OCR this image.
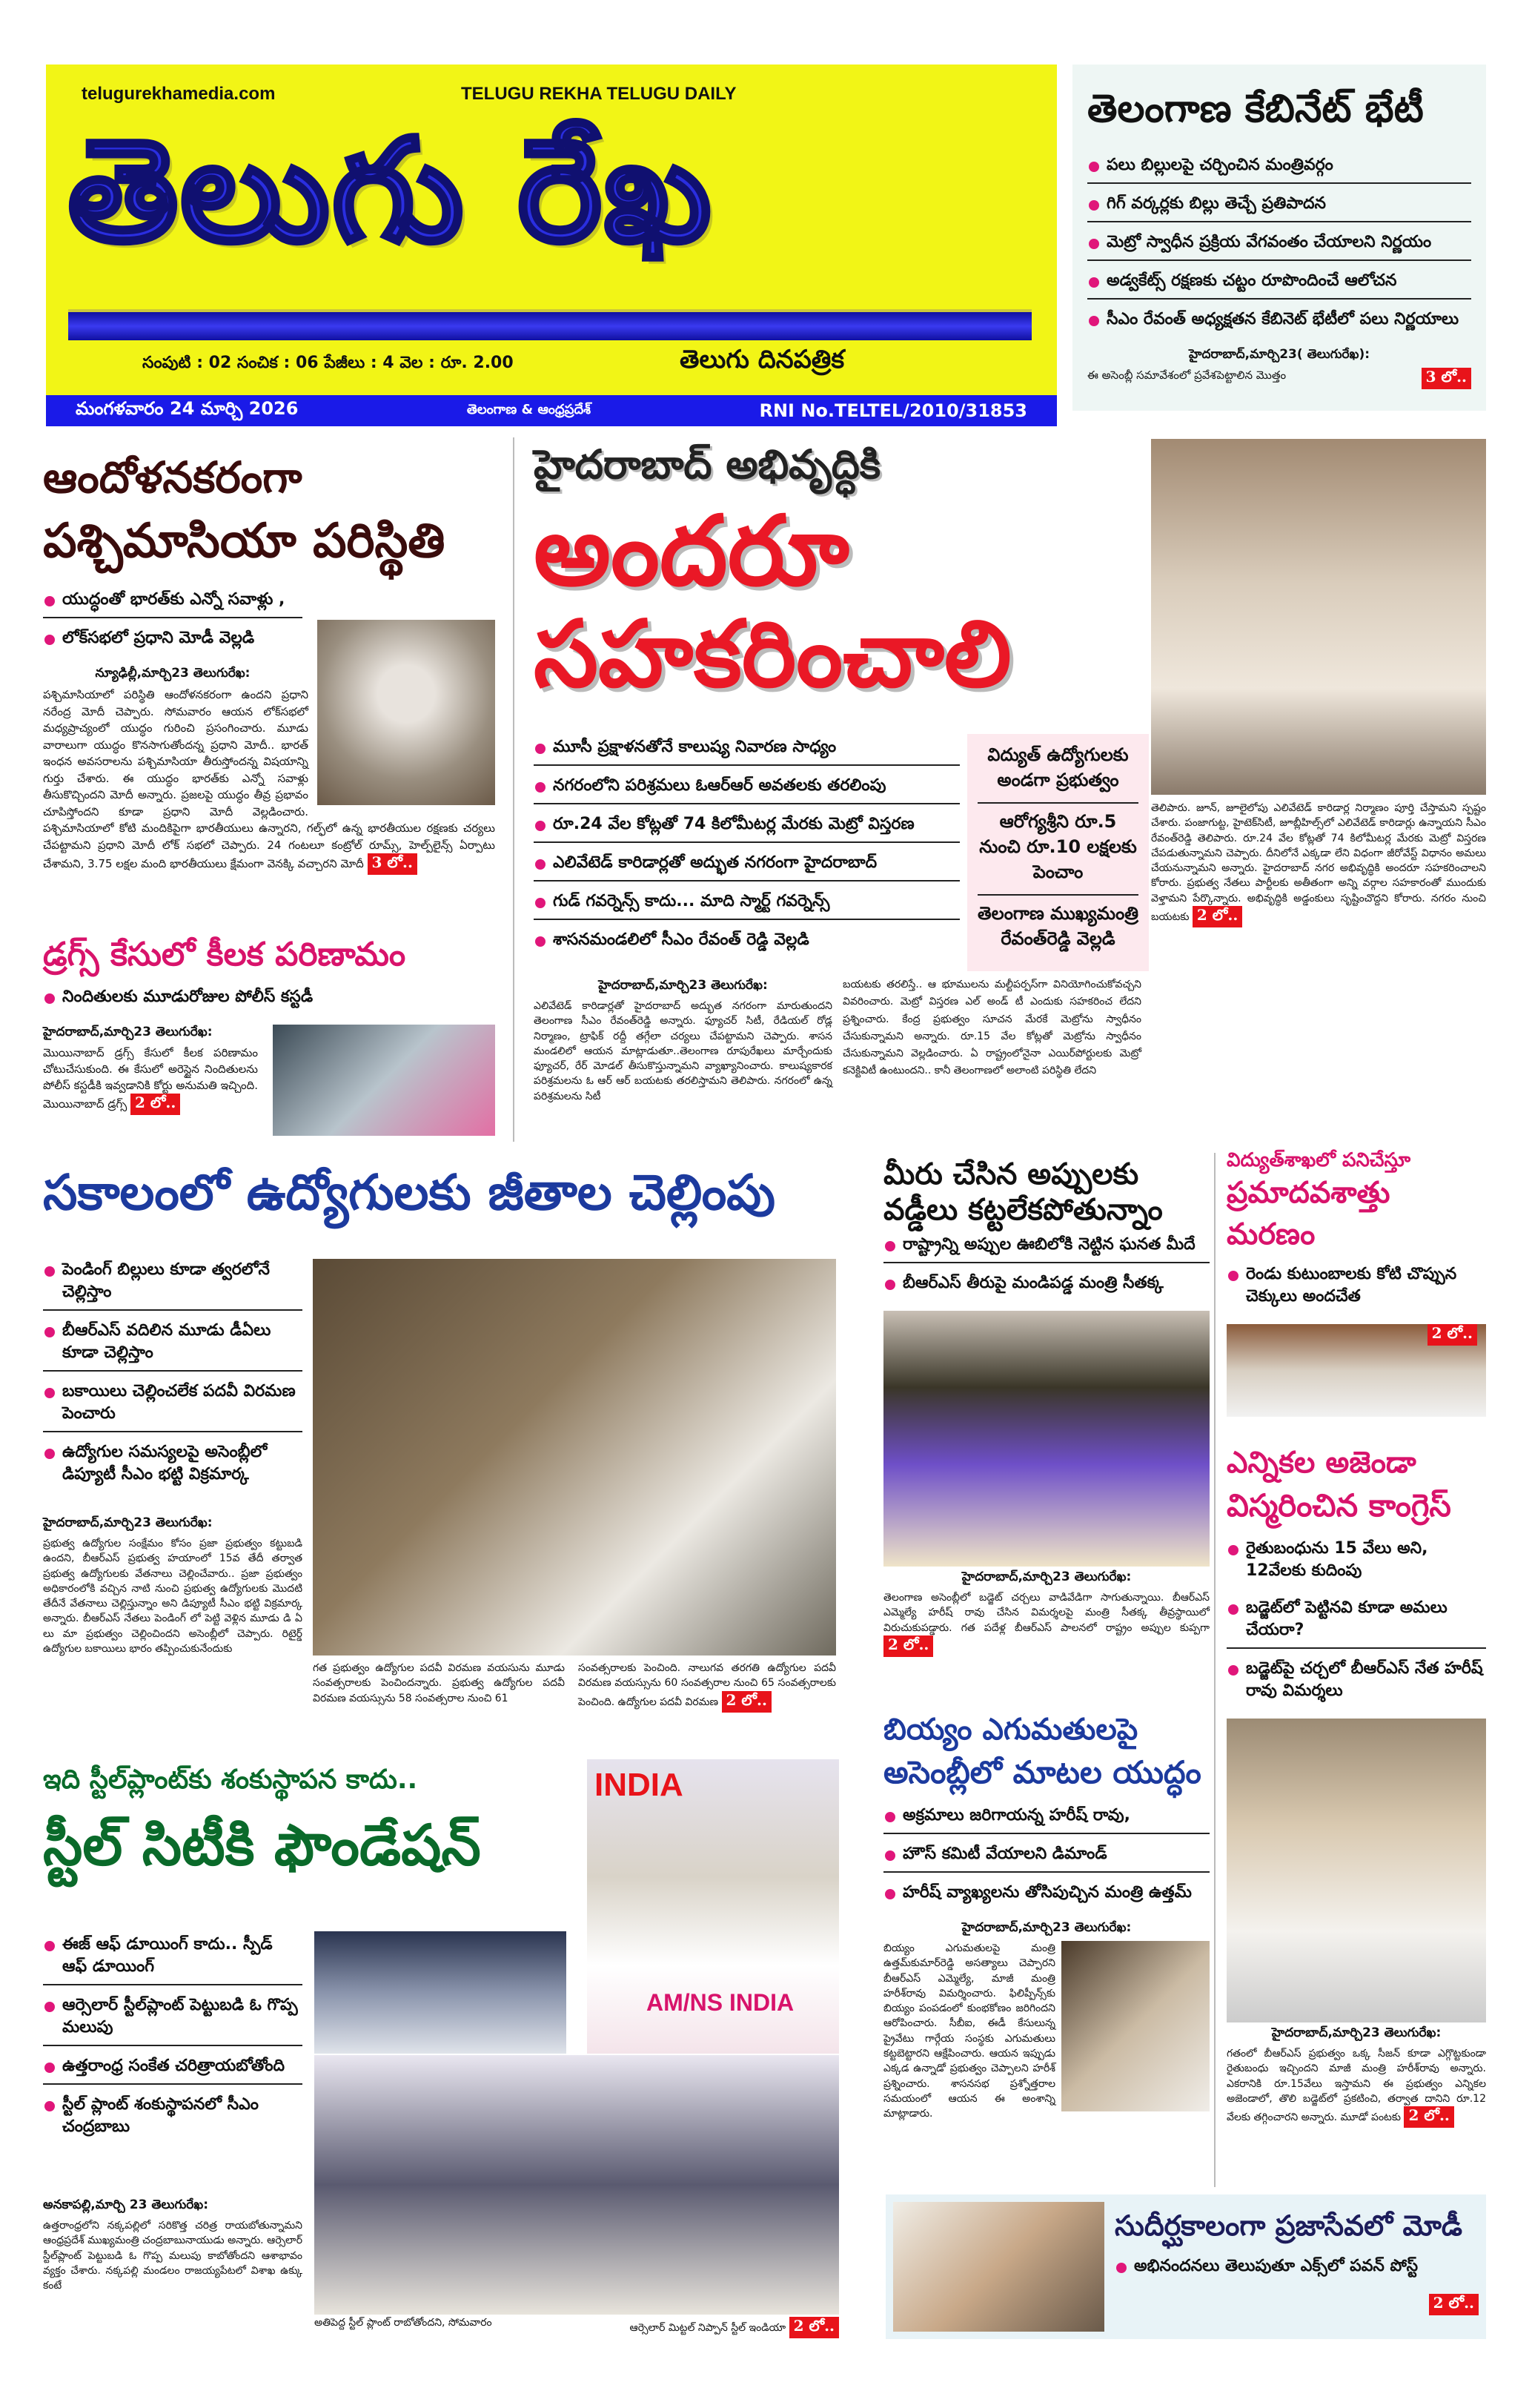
telugurekhamedia.com	TELUGU REKHA TELUGU DAILY
తెలుగు రేఖ
సంపుటి : 02 సంచిక : 06 పేజీలు : 4 వెల : రూ. 2.00	తెలుగు దినపత్రిక
మంగళవారం 24 మార్చి 2026	తెలంగాణ & ఆంధ్రప్రదేశ్	RNI No.TELTEL/2010/31853
తెలంగాణ కేబినేట్ భేటీ
పలు బిల్లులపై చర్చించిన మంత్రివర్గం
గిగ్ వర్కర్లకు బిల్లు తెచ్చే ప్రతిపాదన
మెట్రో స్వాధీన ప్రక్రియ వేగవంతం చేయాలని నిర్ణయం
అడ్వకేట్స్ రక్షణకు చట్టం రూపొందించే ఆలోచన
సీఎం రేవంత్ అధ్యక్షతన కేబినెట్ భేటీలో పలు నిర్ణయాలు
హైదరాబాద్,మార్చి23( తెలుగురేఖ):
ఈ అసెంబ్లీ సమావేశంలో ప్రవేశపెట్టాలిన మొత్తం	3 లో..
ఆందోళనకరంగా
పశ్చిమాసియా పరిస్థితి
యుద్ధంతో భారత్‌కు ఎన్నో సవాళ్లు ,
లోక్‌సభలో ప్రధాని మోడీ వెల్లడి
న్యూఢిల్లీ,మార్చి23 తెలుగురేఖ:
పశ్చిమాసియాలో పరిస్థితి ఆందోళనకరంగా ఉందని ప్రధాని నరేంద్ర మోదీ చెప్పారు. సోమవారం ఆయన లోక్‌సభలో మధ్యప్రాచ్యంలో యుద్ధం గురించి ప్రసంగించారు. మూడు వారాలుగా యుద్ధం కొనసాగుతోందన్న ప్రధాని మోదీ.. భారత్ ఇంధన అవసరాలను పశ్చిమాసియా తీరుస్తోందన్న విషయాన్ని గుర్తు చేశారు. ఈ యుద్ధం భారత్‌కు ఎన్నో సవాళ్లు తీసుకొచ్చిందని మోదీ అన్నారు. ప్రజలపై యుద్ధం తీవ్ర ప్రభావం చూపిస్తోందని కూడా ప్రధాని మోదీ వెల్లడించారు. పశ్చిమాసియాలో కోటి మందికిపైగా భారతీయులు ఉన్నారని, గల్ఫ్‌లో ఉన్న భారతీయుల రక్షణకు చర్యలు చేపట్టామని ప్రధాని మోదీ లోక్ సభలో చెప్పారు. 24 గంటలూ కంట్రోల్ రూమ్స్, హెల్ప్‌లైన్స్ ఏర్పాటు చేశామని, 3.75 లక్షల మంది భారతీయులు క్షేమంగా వెనక్కి వచ్చారని మోదీ 3 లో..
డ్రగ్స్ కేసులో కీలక పరిణామం
నిందితులకు మూడురోజుల పోలీస్ కస్టడీ
హైదరాబాద్,మార్చి23 తెలుగురేఖ:
మొయినాబాద్ డ్రగ్స్ కేసులో కీలక పరిణామం చోటుచేసుకుంది. ఈ కేసులో అరెస్టైన నిందితులను పోలీస్ కస్టడీకి ఇవ్వడానికి కోర్టు అనుమతి ఇచ్చింది. మొయినాబాద్ డ్రగ్స్ 2 లో..
హైదరాబాద్ అభివృద్ధికి
అందరూ
సహకరించాలి
మూసీ ప్రక్షాళనతోనే కాలుష్య నివారణ సాధ్యం
నగరంలోని పరిశ్రమలు ఓఆర్ఆర్ అవతలకు తరలింపు
రూ.24 వేల కోట్లతో 74 కిలోమీటర్ల మేరకు మెట్రో విస్తరణ
ఎలివేటెడ్ కారిడార్లతో అద్భుత నగరంగా హైదరాబాద్
గుడ్ గవర్నెన్స్ కాదు... మాది స్మార్ట్ గవర్నెన్స్
శాసనమండలిలో సీఎం రేవంత్ రెడ్డి వెల్లడి
విద్యుత్ ఉద్యోగులకు అండగా ప్రభుత్వం
ఆరోగ్యశ్రీని రూ.5 నుంచి రూ.10 లక్షలకు పెంచాం
తెలంగాణ ముఖ్యమంత్రి రేవంత్‌రెడ్డి వెల్లడి
హైదరాబాద్,మార్చి23 తెలుగురేఖ:
ఎలివేటెడ్ కారిడార్లతో హైదరాబాద్ అద్భుత నగరంగా మారుతుందని తెలంగాణ సీఎం రేవంత్‌రెడ్డి అన్నారు. ఫ్యూచర్ సిటీ, రేడియల్ రోడ్ల నిర్మాణం, ట్రాఫిక్ రద్దీ తగ్గేలా చర్యలు చేపట్టామని చెప్పారు. శాసన మండలిలో ఆయన మాట్లాడుతూ..తెలంగాణ రూపురేఖలు మార్చేందుకు ఫ్యూచర్, రేర్ మోడల్ తీసుకొస్తున్నామని వ్యాఖ్యానించారు. కాలుష్యకారక పరిశ్రమలను ఓ ఆర్ ఆర్ బయటకు తరలిస్తామని తెలిపారు. నగరంలో ఉన్న పరిశ్రమలను సిటీ
బయటకు తరలిస్తే.. ఆ భూములను మల్టీపర్పస్‌గా వినియోగించుకోవచ్చని వివరించారు. మెట్రో విస్తరణ ఎల్ అండ్ టీ ఎందుకు సహకరించ లేదని ప్రశ్నించారు. కేంద్ర ప్రభుత్వం సూచన మేరకే మెట్రోను స్వాధీనం చేసుకున్నామని అన్నారు. రూ.15 వేల కోట్లతో మెట్రోను స్వాధీనం చేసుకున్నామని వెల్లడించారు. ఏ రాష్ట్రంలోనైనా ఎయిర్‌పోర్టులకు మెట్రో కనెక్టివిటీ ఉంటుందని.. కానీ తెలంగాణలో అలాంటి పరిస్థితి లేదని
తెలిపారు. జూన్, జూలైలోపు ఎలివేటెడ్ కారిడార్ల నిర్మాణం పూర్తి చేస్తామని స్పష్టం చేశారు. పంజాగుట్ట, హైటెక్‌సిటీ, జూబ్లీహిల్స్‌లో ఎలివేటెడ్ కారిడార్లు ఉన్నాయని సీఎం రేవంత్‌రెడ్డి తెలిపారు. రూ.24 వేల కోట్లతో 74 కిలోమీటర్ల మేరకు మెట్రో విస్తరణ చేపడుతున్నామని చెప్పారు. దీనిలోనే ఎక్కడా లేని విధంగా జీరోవేస్ట్ విధానం అమలు చేయనున్నామని అన్నారు. హైదరాబాద్ నగర అభివృద్ధికి అందరూ సహకరించాలని కోరారు. ప్రభుత్వ నేతలు పార్టీలకు అతీతంగా అన్ని వర్గాల సహకారంతో ముందుకు వెళ్తామని పేర్కొన్నారు. అభివృద్ధికి అడ్డంకులు సృష్టించొద్దని కోరారు. నగరం నుంచి బయటకు 2 లో..
సకాలంలో ఉద్యోగులకు జీతాల చెల్లింపు
పెండింగ్ బిల్లులు కూడా త్వరలోనే చెల్లిస్తాం
బీఆర్ఎస్ వదిలిన మూడు డీఏలు కూడా చెల్లిస్తాం
బకాయిలు చెల్లించలేక పదవీ విరమణ పెంచారు
ఉద్యోగుల సమస్యలపై అసెంబ్లీలో డిప్యూటీ సీఎం భట్టి విక్రమార్క
హైదరాబాద్,మార్చి23 తెలుగురేఖ:
ప్రభుత్వ ఉద్యోగుల సంక్షేమం కోసం ప్రజా ప్రభుత్వం కట్టుబడి ఉందని, బీఆర్ఎస్ ప్రభుత్వ హయాంలో 15వ తేదీ తర్వాత ప్రభుత్వ ఉద్యోగులకు వేతనాలు చెల్లించేవారు.. ప్రజా ప్రభుత్వం అధికారంలోకి వచ్చిన నాటి నుంచి ప్రభుత్వ ఉద్యోగులకు మొదటి తేదీనే వేతనాలు చెల్లిస్తున్నాం అని డిప్యూటీ సీఎం భట్టి విక్రమార్క అన్నారు. బీఆర్ఎస్ నేతలు పెండింగ్ లో పెట్టి వెళ్లిన మూడు డి ఏ లు మా ప్రభుత్వం చెల్లించిందని అసెంబ్లీలో చెప్పారు. రిటైర్డ్ ఉద్యోగుల బకాయిలు భారం తప్పించుకునేందుకు
గత ప్రభుత్వం ఉద్యోగుల పదవీ విరమణ వయసును మూడు సంవత్సరాలకు పెంచిందన్నారు. ప్రభుత్వ ఉద్యోగుల పదవీ విరమణ వయస్సును 58 సంవత్సరాల నుంచి 61
సంవత్సరాలకు పెంచింది. నాలుగవ తరగతి ఉద్యోగుల పదవీ విరమణ వయస్సును 60 సంవత్సరాల నుంచి 65 సంవత్సరాలకు పెంచింది. ఉద్యోగుల పదవీ విరమణ 2 లో..
మీరు చేసిన అప్పులకు వడ్డీలు కట్టలేకపోతున్నాం
రాష్ట్రాన్ని అప్పుల ఊబిలోకి నెట్టిన ఘనత మీదే
బీఆర్ఎస్ తీరుపై మండిపడ్డ మంత్రి సీతక్క
హైదరాబాద్,మార్చి23 తెలుగురేఖ:
తెలంగాణ అసెంబ్లీలో బడ్జెట్ చర్చలు వాడివేడిగా సాగుతున్నాయి. బీఆర్ఎస్ ఎమ్మెల్యే హరీష్ రావు చేసిన విమర్శలపై మంత్రి సీతక్క తీవ్రస్థాయిలో విరుచుకుపడ్డారు. గత పదేళ్ల బీఆర్ఎస్ పాలనలో రాష్ట్రం అప్పుల కుప్పగా 2 లో..
విద్యుత్‌శాఖలో పనిచేస్తూ
ప్రమాదవశాత్తు మరణం
రెండు కుటుంబాలకు కోటి చొప్పున చెక్కులు అందచేత
2 లో..
ఎన్నికల అజెండా
విస్మరించిన కాంగ్రెస్
రైతుబంధును 15 వేలు అని, 12వేలకు కుదింపు
బడ్జెట్‌లో పెట్టినవి కూడా అమలు చేయరా?
బడ్జెట్‌పై చర్చలో బీఆర్ఎస్ నేత హరీష్ రావు విమర్శలు
హైదరాబాద్,మార్చి23 తెలుగురేఖ:
గతంలో బీఆర్ఎస్ ప్రభుత్వం ఒక్క సీజన్ కూడా ఎగ్గొట్టకుండా రైతుబంధు ఇచ్చిందని మాజీ మంత్రి హరీశ్‌రావు అన్నారు. ఎకరానికి రూ.15వేలు ఇస్తామని ఈ ప్రభుత్వం ఎన్నికల అజెండాలో, తొలి బడ్జెట్‌లో ప్రకటించి, తర్వాత దానిని రూ.12 వేలకు తగ్గించారని అన్నారు. మూడో పంటకు 2 లో..
బియ్యం ఎగుమతులపై
అసెంబ్లీలో మాటల యుద్ధం
అక్రమాలు జరిగాయన్న హరీష్ రావు,
హౌస్ కమిటీ వేయాలని డిమాండ్
హరీష్ వ్యాఖ్యలను తోసిపుచ్చిన మంత్రి ఉత్తమ్
హైదరాబాద్,మార్చి23 తెలుగురేఖ:
బియ్యం ఎగుమతులపై మంత్రి ఉత్తమ్‌కుమార్‌రెడ్డి అసత్యాలు చెప్పారని బీఆర్ఎస్ ఎమ్మెల్యే, మాజీ మంత్రి హరీశ్‌రావు విమర్శించారు. ఫిలిప్పీన్స్‌కు బియ్యం పంపడంలో కుంభకోణం జరిగిందని ఆరోపించారు. సీబీఐ, ఈడీ కేసులున్న ప్రైవేటు గార్గేయ సంస్థకు ఎగుమతులు కట్టబెట్టారని ఆక్షేపించారు. ఆయన ఇప్పుడు ఎక్కడ ఉన్నాడో ప్రభుత్వం చెప్పాలని హరీశ్ ప్రశ్నించారు. శాసనసభ ప్రశ్నోత్తరాల సమయంలో ఆయన ఈ అంశాన్ని మాట్లాడారు.
ఇది స్టీల్‌ప్లాంట్‌కు శంకుస్థాపన కాదు..
స్టీల్ సిటీకి ఫౌండేషన్
ఈజ్ ఆఫ్ డూయింగ్ కాదు.. స్పీడ్ ఆఫ్ డూయింగ్
ఆర్సెలార్ స్టీల్‌ప్లాంట్ పెట్టుబడి ఓ గొప్ప మలుపు
ఉత్తరాంధ్ర సంకేత చరిత్రాయబోతోంది
స్టీల్ ప్లాంట్ శంకుస్థాపనలో సీఎం చంద్రబాబు
అనకాపల్లి,మార్చి 23 తెలుగురేఖ:
ఉత్తరాంధ్రలోని నక్కపల్లిలో సరికొత్త చరిత్ర రాయబోతున్నామని ఆంధ్రప్రదేశ్ ముఖ్యమంత్రి చంద్రబాబునాయుడు అన్నారు. ఆర్సెలార్ స్టీల్‌ప్లాంట్ పెట్టుబడి ఓ గొప్ప మలుపు కాబోతోందని ఆశాభావం వ్యక్తం చేశారు. నక్కపల్లి మండలం రాజయ్యపేటలో విశాఖ ఉక్కు కంటే
INDIA
AM/NS INDIA
అతిపెద్ద స్టీల్ ప్లాంట్ రాబోతోందని, సోమవారం	ఆర్సెలార్ మిట్టల్ నిప్పాన్ స్టీల్ ఇండియా 2 లో..
సుదీర్ఘకాలంగా ప్రజాసేవలో మోడీ
అభినందనలు తెలుపుతూ ఎక్స్‌లో పవన్ పోస్ట్
2 లో..
